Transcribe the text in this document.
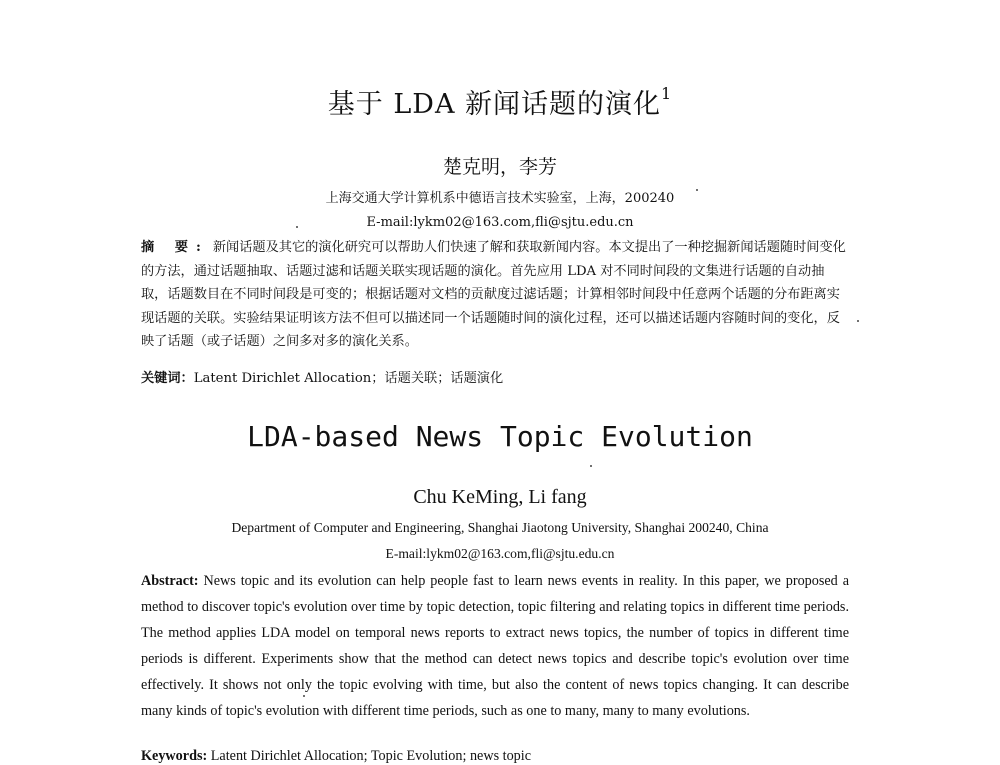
基于 LDA 新闻话题的演化$^1$
楚克明，李芳
上海交通大学计算机系中德语言技术实验室，上海，200240
E-mail:lykm02@163.com,fli@sjtu.edu.cn
摘 要: 新闻话题及其它的演化研究可以帮助人们快速了解和获取新闻内容。本文提出了一种挖掘新闻话题随时间变化的方法，通过话题抽取、话题过滤和话题关联实现话题的演化。首先应用 LDA 对不同时间段的文集进行话题的自动抽取，话题数目在不同时间段是可变的；根据话题对文档的贡献度过滤话题；计算相邻时间段中任意两个话题的分布距离实现话题的关联。实验结果证明该方法不但可以描述同一个话题随时间的演化过程，还可以描述话题内容随时间的变化，反映了话题（或子话题）之间多对多的演化关系。
关键词：Latent Dirichlet Allocation；话题关联；话题演化
LDA-based News Topic Evolution
Chu KeMing, Li fang
Department of Computer and Engineering, Shanghai Jiaotong University, Shanghai 200240, China
E-mail:lykm02@163.com,fli@sjtu.edu.cn
Abstract: News topic and its evolution can help people fast to learn news events in reality. In this paper, we proposed a method to discover topic's evolution over time by topic detection, topic filtering and relating topics in different time periods. The method applies LDA model on temporal news reports to extract news topics, the number of topics in different time periods is different. Experiments show that the method can detect news topics and describe topic's evolution over time effectively. It shows not only the topic evolving with time, but also the content of news topics changing. It can describe many kinds of topic's evolution with different time periods, such as one to many, many to many evolutions.
Keywords: Latent Dirichlet Allocation; Topic Evolution; news topic
